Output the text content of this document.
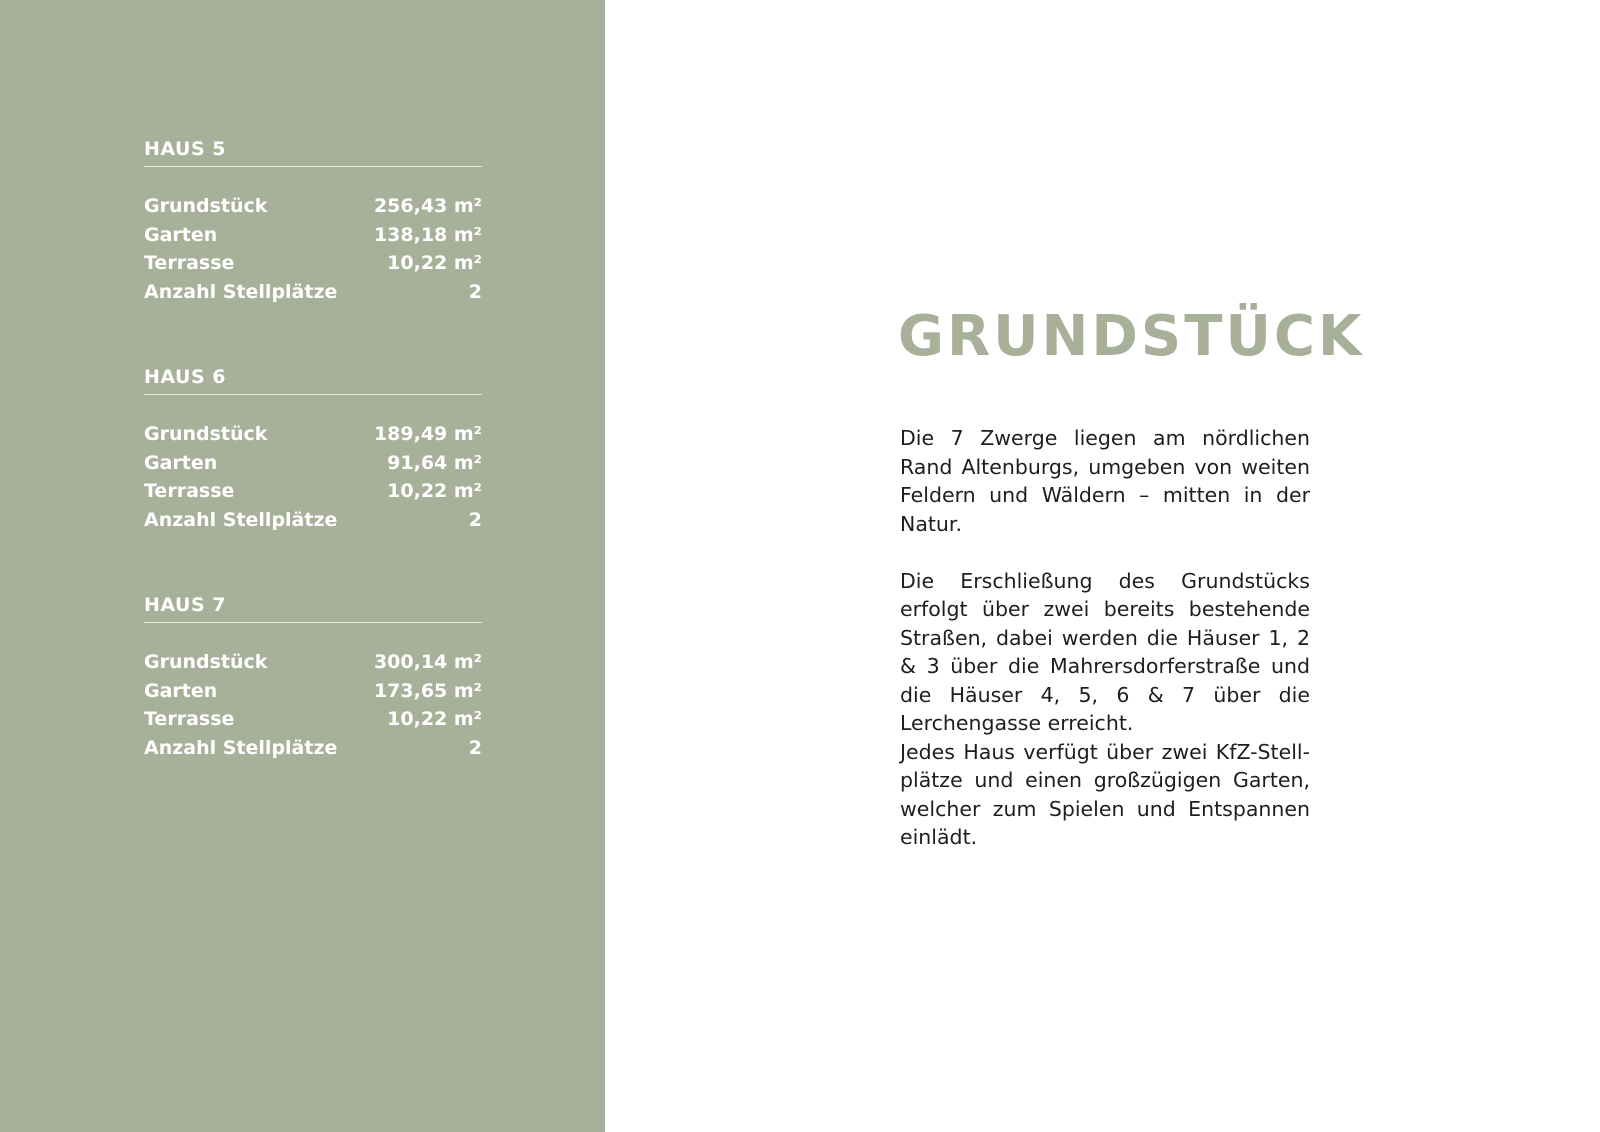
HAUS 5
Grundstück	256,43 m²
Garten	138,18 m²
Terrasse	10,22 m²
Anzahl Stellplätze	2
HAUS 6
Grundstück	189,49 m²
Garten	91,64 m²
Terrasse	10,22 m²
Anzahl Stellplätze	2
HAUS 7
Grundstück	300,14 m²
Garten	173,65 m²
Terrasse	10,22 m²
Anzahl Stellplätze	2
GRUNDSTÜCK

Die 7 Zwerge liegen am nördlichen Rand Altenburgs, umgeben von weiten Feldern und Wäldern – mitten in der Natur.

Die Erschließung des Grundstücks erfolgt über zwei bereits bestehende Straßen, dabei werden die Häuser 1, 2 & 3 über die Mahrersdorferstraße und die Häuser 4, 5, 6 & 7 über die Lerchengasse erreicht.

Jedes Haus verfügt über zwei KfZ-Stellplätze und einen großzügigen Garten, welcher zum Spielen und Entspannen einlädt.
